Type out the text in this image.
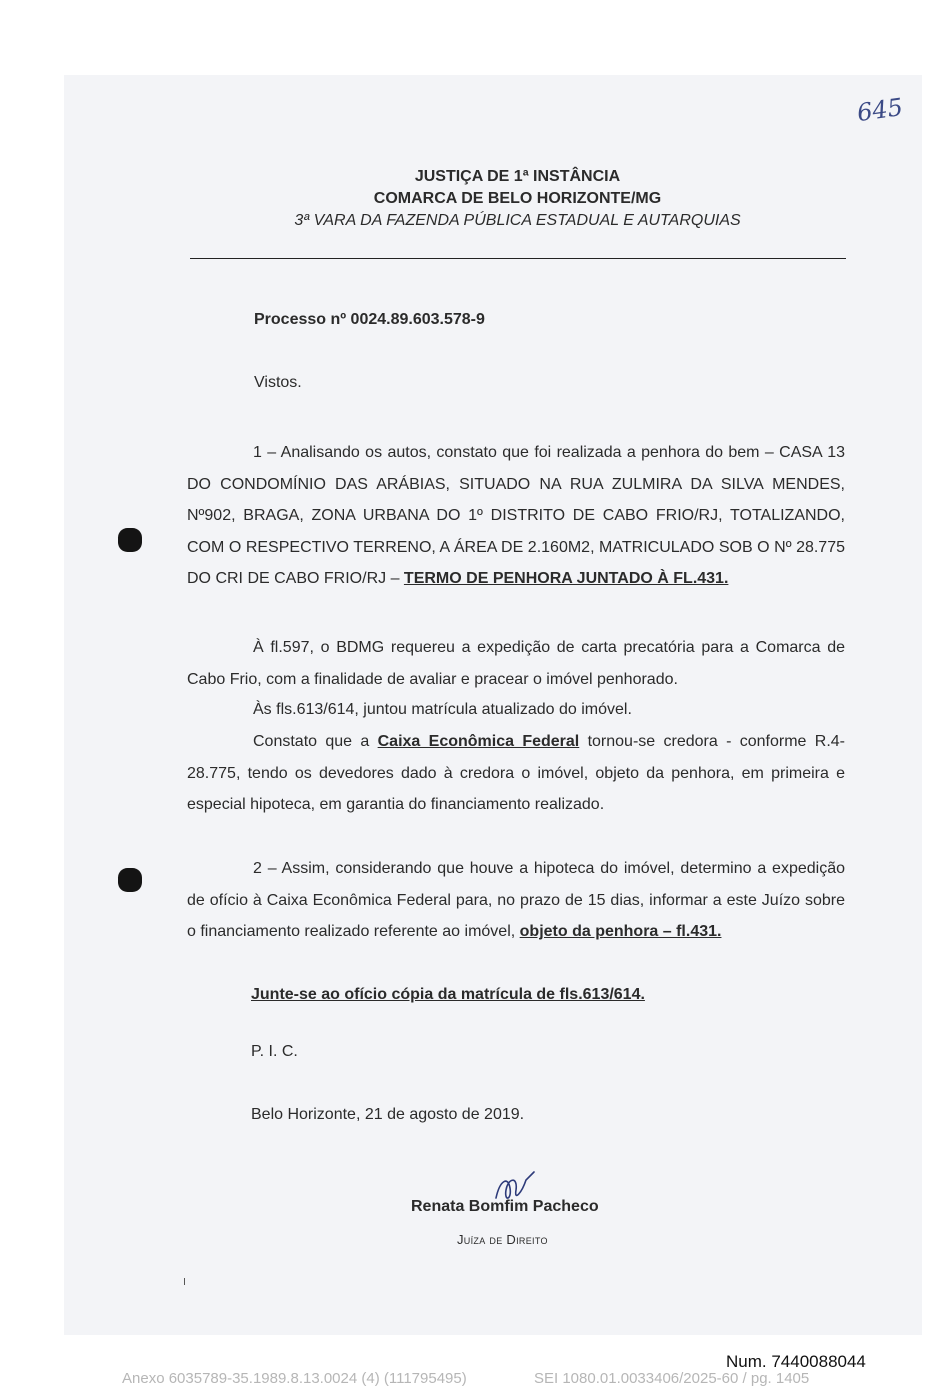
645
JUSTIÇA DE 1ª INSTÂNCIA
COMARCA DE BELO HORIZONTE/MG
3ª VARA DA FAZENDA PÚBLICA ESTADUAL E AUTARQUIAS
Processo nº 0024.89.603.578-9
Vistos.

1 – Analisando os autos, constato que foi realizada a penhora do bem – CASA 13 DO CONDOMÍNIO DAS ARÁBIAS, SITUADO NA RUA ZULMIRA DA SILVA MENDES, Nº902, BRAGA, ZONA URBANA DO 1º DISTRITO DE CABO FRIO/RJ, TOTALIZANDO, COM O RESPECTIVO TERRENO, A ÁREA DE 2.160M2, MATRICULADO SOB O Nº 28.775 DO CRI DE CABO FRIO/RJ – TERMO DE PENHORA JUNTADO À FL.431.

À fl.597, o BDMG requereu a expedição de carta precatória para a Comarca de Cabo Frio, com a finalidade de avaliar e pracear o imóvel penhorado.

Às fls.613/614, juntou matrícula atualizado do imóvel.

Constato que a Caixa Econômica Federal tornou-se credora - conforme R.4-28.775, tendo os devedores dado à credora o imóvel, objeto da penhora, em primeira e especial hipoteca, em garantia do financiamento realizado.

2 – Assim, considerando que houve a hipoteca do imóvel, determino a expedição de ofício à Caixa Econômica Federal para, no prazo de 15 dias, informar a este Juízo sobre o financiamento realizado referente ao imóvel, objeto da penhora – fl.431.

Junte-se ao ofício cópia da matrícula de fls.613/614.

P. I. C.
Belo Horizonte, 21 de agosto de 2019.
Renata Bomfim Pacheco
Juíza de Direito
Num. 7440088044
Anexo 6035789-35.1989.8.13.0024 (4) (111795495)	SEI 1080.01.0033406/2025-60 / pg. 1405
